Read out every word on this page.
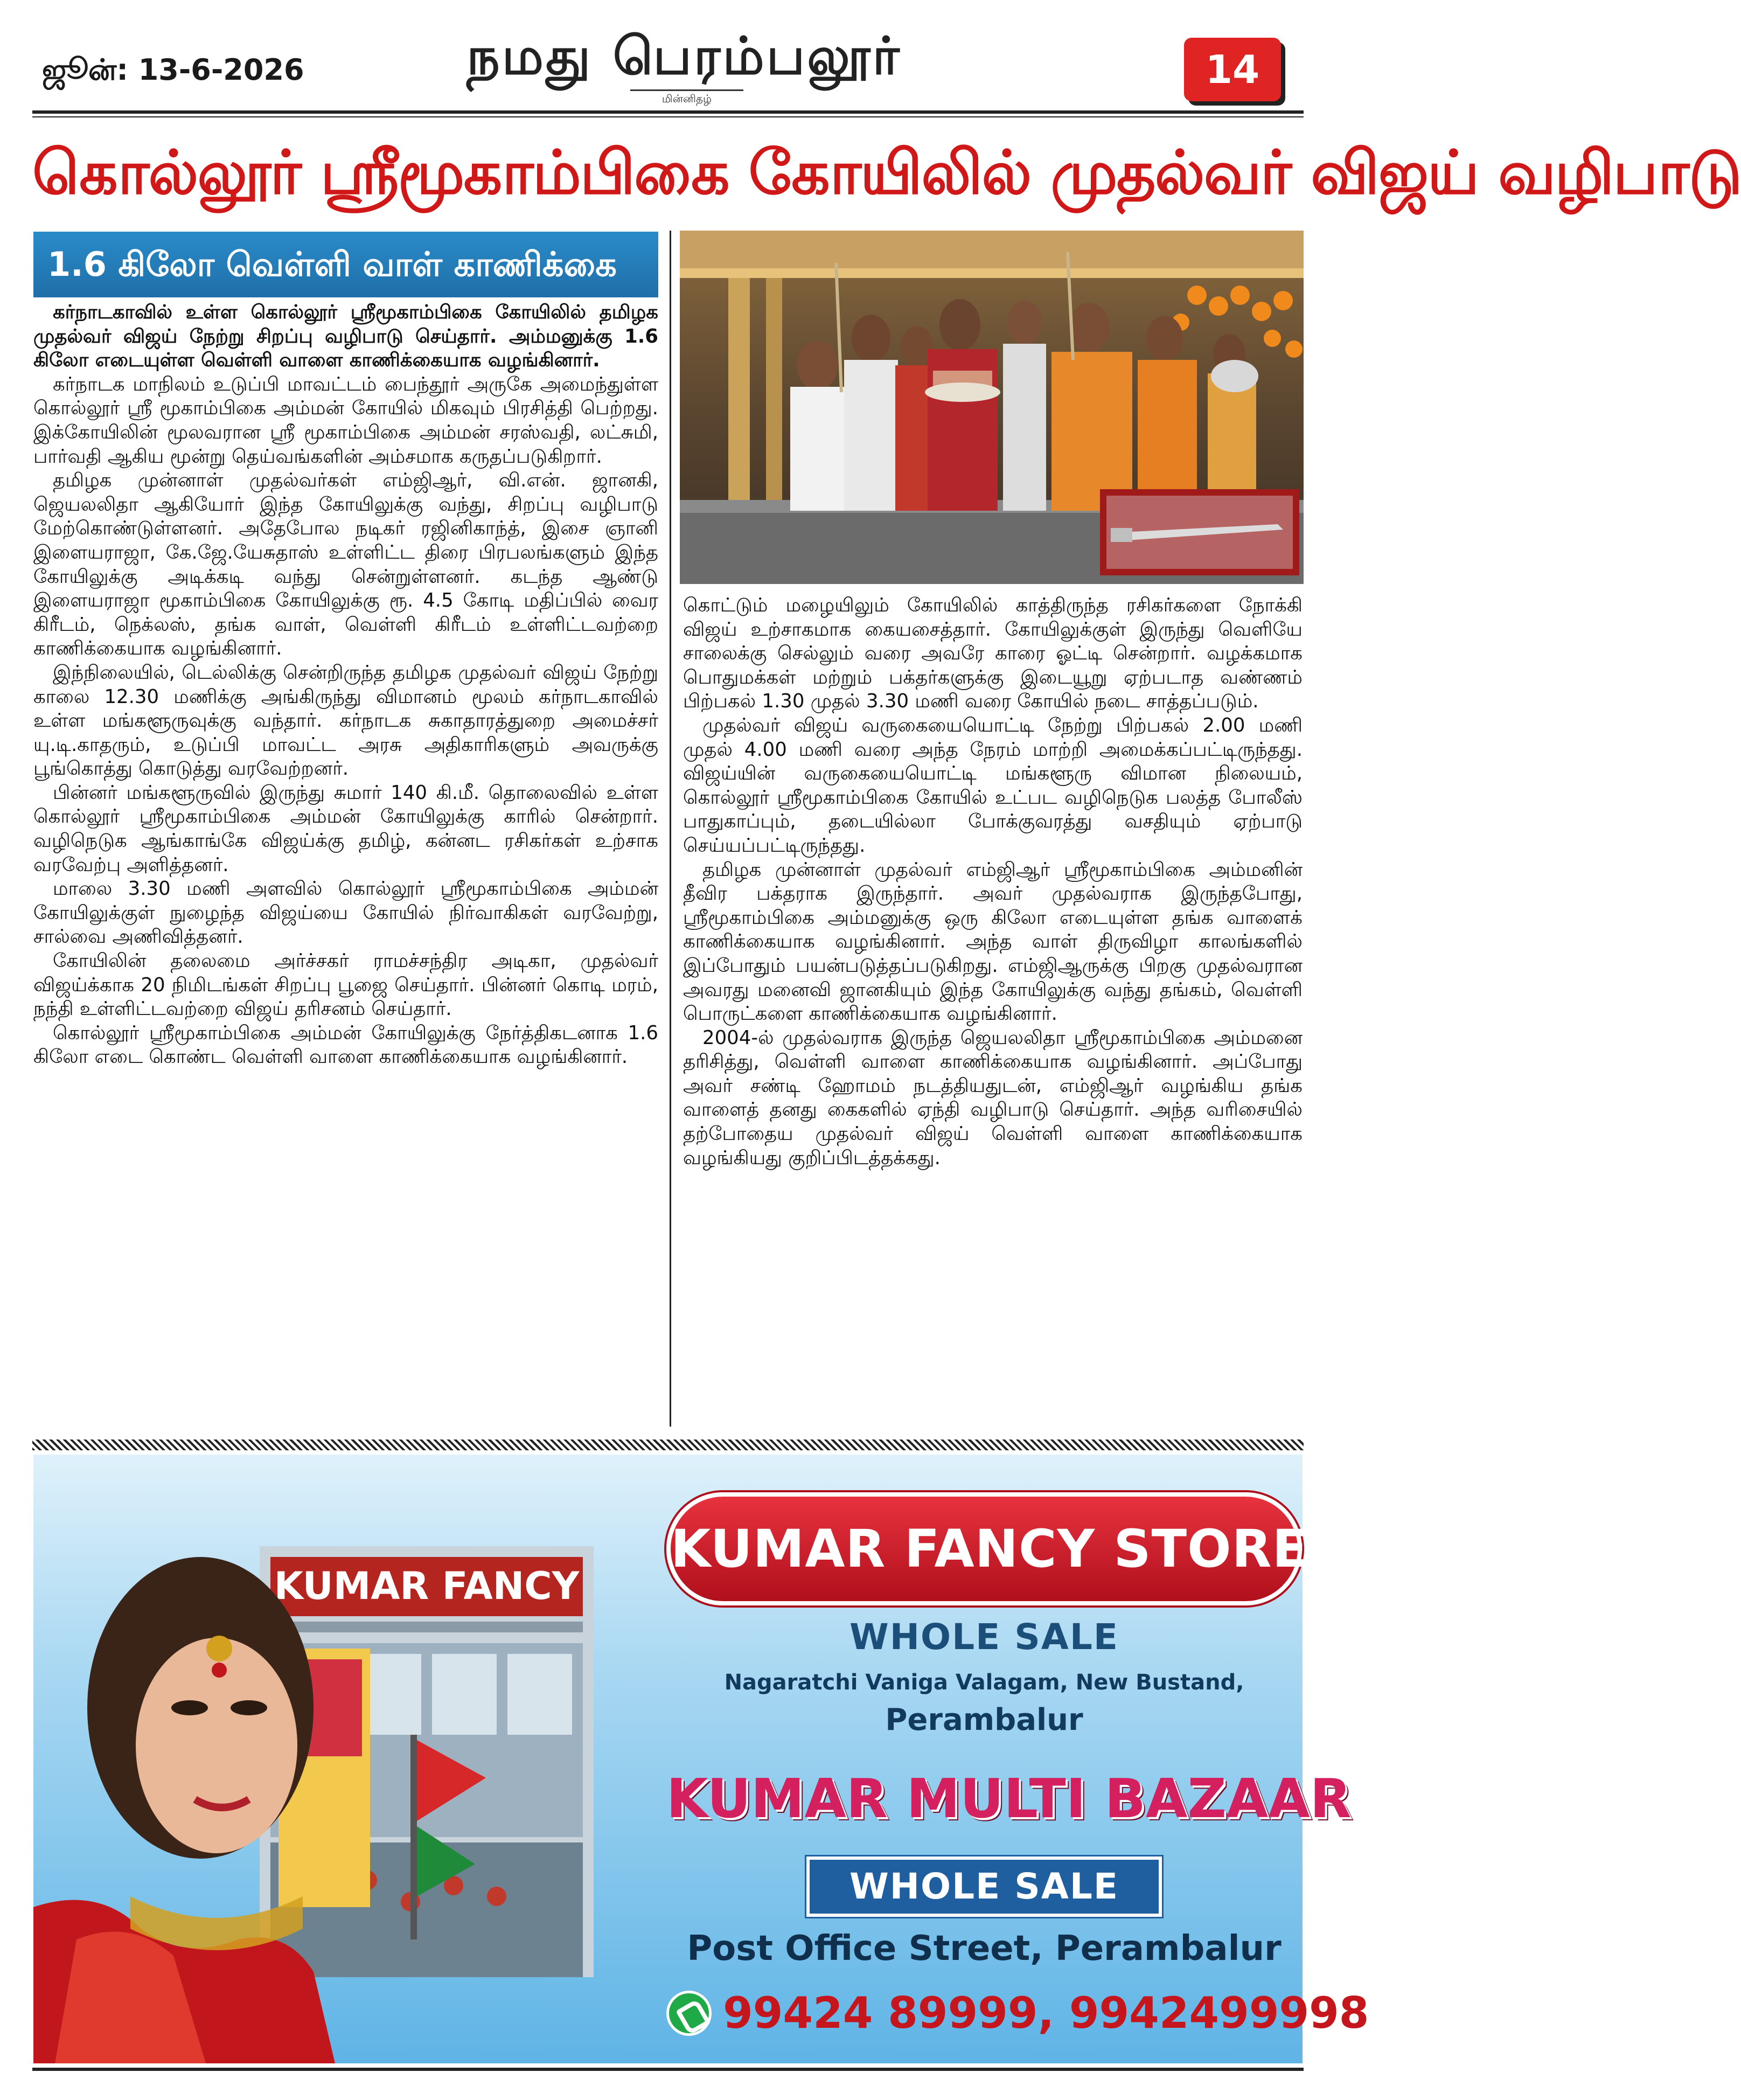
ஜூன்: 13-6-2026	நமது பெரம்பலூர்
மின்னிதழ்
14
கொல்லூர் ஸ்ரீமூகாம்பிகை கோயிலில் முதல்வர் விஜய் வழிபாடு
1.6 கிலோ வெள்ளி வாள் காணிக்கை

கர்நாடகாவில் உள்ள கொல்லூர் ஸ்ரீமூகாம்பிகை கோயிலில் தமிழக முதல்வர் விஜய் நேற்று சிறப்பு வழிபாடு செய்தார். அம்மனுக்கு 1.6 கிலோ எடையுள்ள வெள்ளி வாளை காணிக்கையாக வழங்கினார்.

கர்நாடக மாநிலம் உடுப்பி மாவட்டம் பைந்தூர் அருகே அமைந்துள்ள கொல்லூர் ஸ்ரீ மூகாம்பிகை அம்மன் கோயில் மிகவும் பிரசித்தி பெற்றது. இக்கோயிலின் மூலவரான ஸ்ரீ மூகாம்பிகை அம்மன் சரஸ்வதி, லட்சுமி, பார்வதி ஆகிய மூன்று தெய்வங்களின் அம்சமாக கருதப்படுகிறார்.

தமிழக முன்னாள் முதல்வர்கள் எம்ஜிஆர், வி.என். ஜானகி, ஜெயலலிதா ஆகியோர் இந்த கோயிலுக்கு வந்து, சிறப்பு வழிபாடு மேற்கொண்டுள்ளனர். அதேபோல நடிகர் ரஜினிகாந்த், இசை ஞானி இளையராஜா, கே.ஜே.யேசுதாஸ் உள்ளிட்ட திரை பிரபலங்களும் இந்த கோயிலுக்கு அடிக்கடி வந்து சென்றுள்ளனர். கடந்த ஆண்டு இளையராஜா மூகாம்பிகை கோயிலுக்கு ரூ. 4.5 கோடி மதிப்பில் வைர கிரீடம், நெக்லஸ், தங்க வாள், வெள்ளி கிரீடம் உள்ளிட்டவற்றை காணிக்கையாக வழங்கினார்.

இந்நிலையில், டெல்லிக்கு சென்றிருந்த தமிழக முதல்வர் விஜய் நேற்று காலை 12.30 மணிக்கு அங்கிருந்து விமானம் மூலம் கர்நாடகாவில் உள்ள மங்களூருவுக்கு வந்தார். கர்நாடக சுகாதாரத்துறை அமைச்சர் யு.டி.காதரும், உடுப்பி மாவட்ட அரசு அதிகாரிகளும் அவருக்கு பூங்கொத்து கொடுத்து வரவேற்றனர்.

பின்னர் மங்களூருவில் இருந்து சுமார் 140 கி.மீ. தொலைவில் உள்ள கொல்லூர் ஸ்ரீமூகாம்பிகை அம்மன் கோயிலுக்கு காரில் சென்றார். வழிநெடுக ஆங்காங்கே விஜய்க்கு தமிழ், கன்னட ரசிகர்கள் உற்சாக வரவேற்பு அளித்தனர்.

மாலை 3.30 மணி அளவில் கொல்லூர் ஸ்ரீமூகாம்பிகை அம்மன் கோயிலுக்குள் நுழைந்த விஜய்யை கோயில் நிர்வாகிகள் வரவேற்று, சால்வை அணிவித்தனர்.

கோயிலின் தலைமை அர்ச்சகர் ராமச்சந்திர அடிகா, முதல்வர் விஜய்க்காக 20 நிமிடங்கள் சிறப்பு பூஜை செய்தார். பின்னர் கொடி மரம், நந்தி உள்ளிட்டவற்றை விஜய் தரிசனம் செய்தார்.

கொல்லூர் ஸ்ரீமூகாம்பிகை அம்மன் கோயிலுக்கு நேர்த்திகடனாக 1.6 கிலோ எடை கொண்ட வெள்ளி வாளை காணிக்கையாக வழங்கினார்.

கொட்டும் மழையிலும் கோயிலில் காத்திருந்த ரசிகர்களை நோக்கி விஜய் உற்சாகமாக கையசைத்தார். கோயிலுக்குள் இருந்து வெளியே சாலைக்கு செல்லும் வரை அவரே காரை ஓட்டி சென்றார். வழக்கமாக பொதுமக்கள் மற்றும் பக்தர்களுக்கு இடையூறு ஏற்படாத வண்ணம் பிற்பகல் 1.30 முதல் 3.30 மணி வரை கோயில் நடை சாத்தப்படும்.

முதல்வர் விஜய் வருகையையொட்டி நேற்று பிற்பகல் 2.00 மணி முதல் 4.00 மணி வரை அந்த நேரம் மாற்றி அமைக்கப்பட்டிருந்தது. விஜய்யின் வருகையையொட்டி மங்களூரு விமான நிலையம், கொல்லூர் ஸ்ரீமூகாம்பிகை கோயில் உட்பட வழிநெடுக பலத்த போலீஸ் பாதுகாப்பும், தடையில்லா போக்குவரத்து வசதியும் ஏற்பாடு செய்யப்பட்டிருந்தது.

தமிழக முன்னாள் முதல்வர் எம்ஜிஆர் ஸ்ரீமூகாம்பிகை அம்மனின் தீவிர பக்தராக இருந்தார். அவர் முதல்வராக இருந்தபோது, ஸ்ரீமூகாம்பிகை அம்மனுக்கு ஒரு கிலோ எடையுள்ள தங்க வாளைக் காணிக்கையாக வழங்கினார். அந்த வாள் திருவிழா காலங்களில் இப்போதும் பயன்படுத்தப்படுகிறது. எம்ஜிஆருக்கு பிறகு முதல்வரான அவரது மனைவி ஜானகியும் இந்த கோயிலுக்கு வந்து தங்கம், வெள்ளி பொருட்களை காணிக்கையாக வழங்கினார்.

2004-ல் முதல்வராக இருந்த ஜெயலலிதா ஸ்ரீமூகாம்பிகை அம்மனை தரிசித்து, வெள்ளி வாளை காணிக்கையாக வழங்கினார். அப்போது அவர் சண்டி ஹோமம் நடத்தியதுடன், எம்ஜிஆர் வழங்கிய தங்க வாளைத் தனது கைகளில் ஏந்தி வழிபாடு செய்தார். அந்த வரிசையில் தற்போதைய முதல்வர் விஜய் வெள்ளி வாளை காணிக்கையாக வழங்கியது குறிப்பிடத்தக்கது.

KUMAR FANCY
KUMAR FANCY STORE
WHOLE SALE
Nagaratchi Vaniga Valagam, New Bustand,
Perambalur
KUMAR MULTI BAZAAR
WHOLE SALE
Post Office Street, Perambalur
99424 89999, 9942499998
